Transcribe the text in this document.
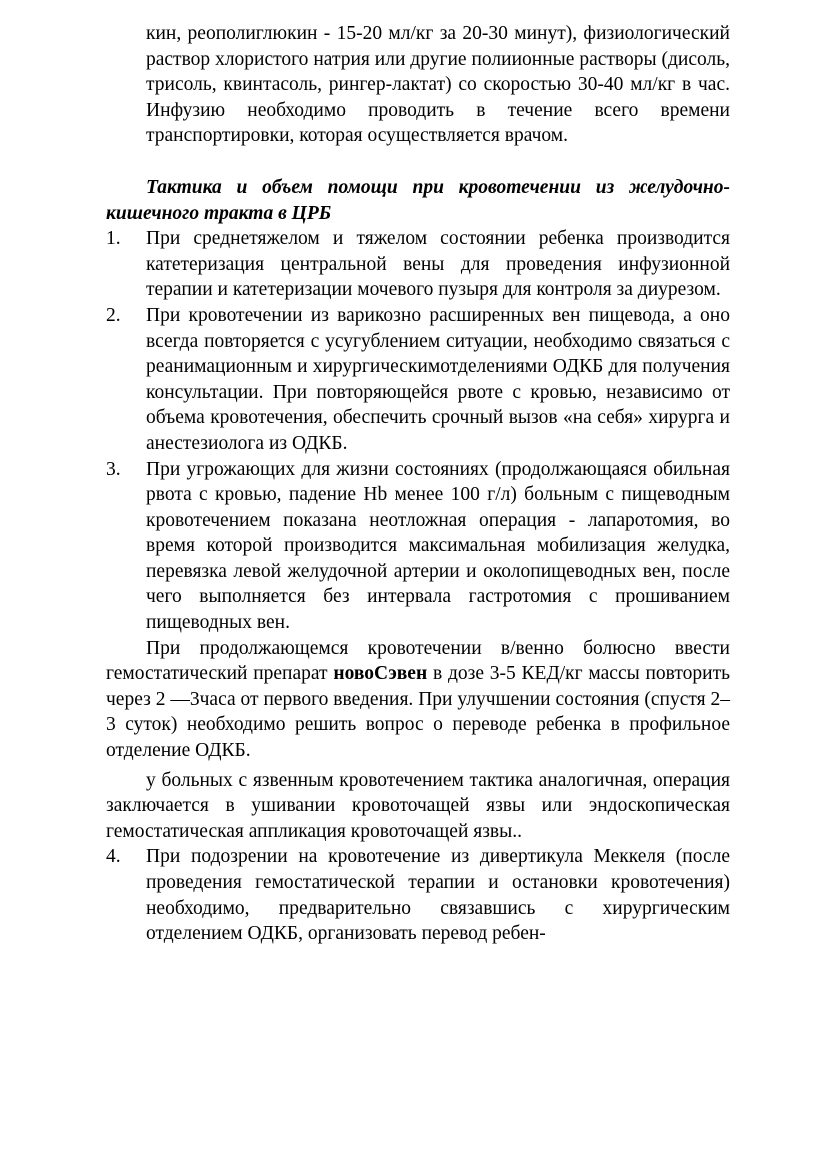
кин, реополиглюкин - 15-20 мл/кг за 20-30 минут), физиологический раствор хлористого натрия или другие полиионные растворы (дисоль, трисоль, квинтасоль, рингер-лактат) со скоростью 30-40 мл/кг в час. Инфузию необходимо проводить в течение всего времени транспортировки, которая осуществляется врачом.

Тактика и объем помощи при кровотечении из желудочно-кишечного тракта в ЦРБ

1. При среднетяжелом и тяжелом состоянии ребенка производится катетеризация центральной вены для проведения инфузионной терапии и катетеризации мочевого пузыря для контроля за диурезом.
2. При кровотечении из варикозно расширенных вен пищевода, а оно всегда повторяется с усугублением ситуации, необходимо связаться с реанимационным и хирургическимотделениями ОДКБ для получения консультации. При повторяющейся рвоте с кровью, независимо от объема кровотечения, обеспечить срочный вызов «на себя» хирурга и анестезиолога из ОДКБ.
3. При угрожающих для жизни состояниях (продолжающаяся обильная рвота с кровью, падение Hb менее 100 г/л) больным с пищеводным кровотечением показана неотложная операция - лапаротомия, во время которой производится максимальная мобилизация желудка, перевязка левой желудочной артерии и околопищеводных вен, после чего выполняется без интервала гастротомия с прошиванием пищеводных вен.

При продолжающемся кровотечении в/венно болюсно ввести гемостатический препарат новоСэвен в дозе 3-5 КЕД/кг массы повторить через 2 —3часа от первого введения. При улучшении состояния (спустя 2–3 суток) необходимо решить вопрос о переводе ребенка в профильное отделение ОДКБ.

у больных с язвенным кровотечением тактика аналогичная, операция заключается в ушивании кровоточащей язвы или эндоскопическая гемостатическая аппликация кровоточащей язвы..

4. При подозрении на кровотечение из дивертикула Меккеля (после проведения гемостатической терапии и остановки кровотечения) необходимо, предварительно связавшись с хирургическим отделением ОДКБ, организовать перевод ребен-
